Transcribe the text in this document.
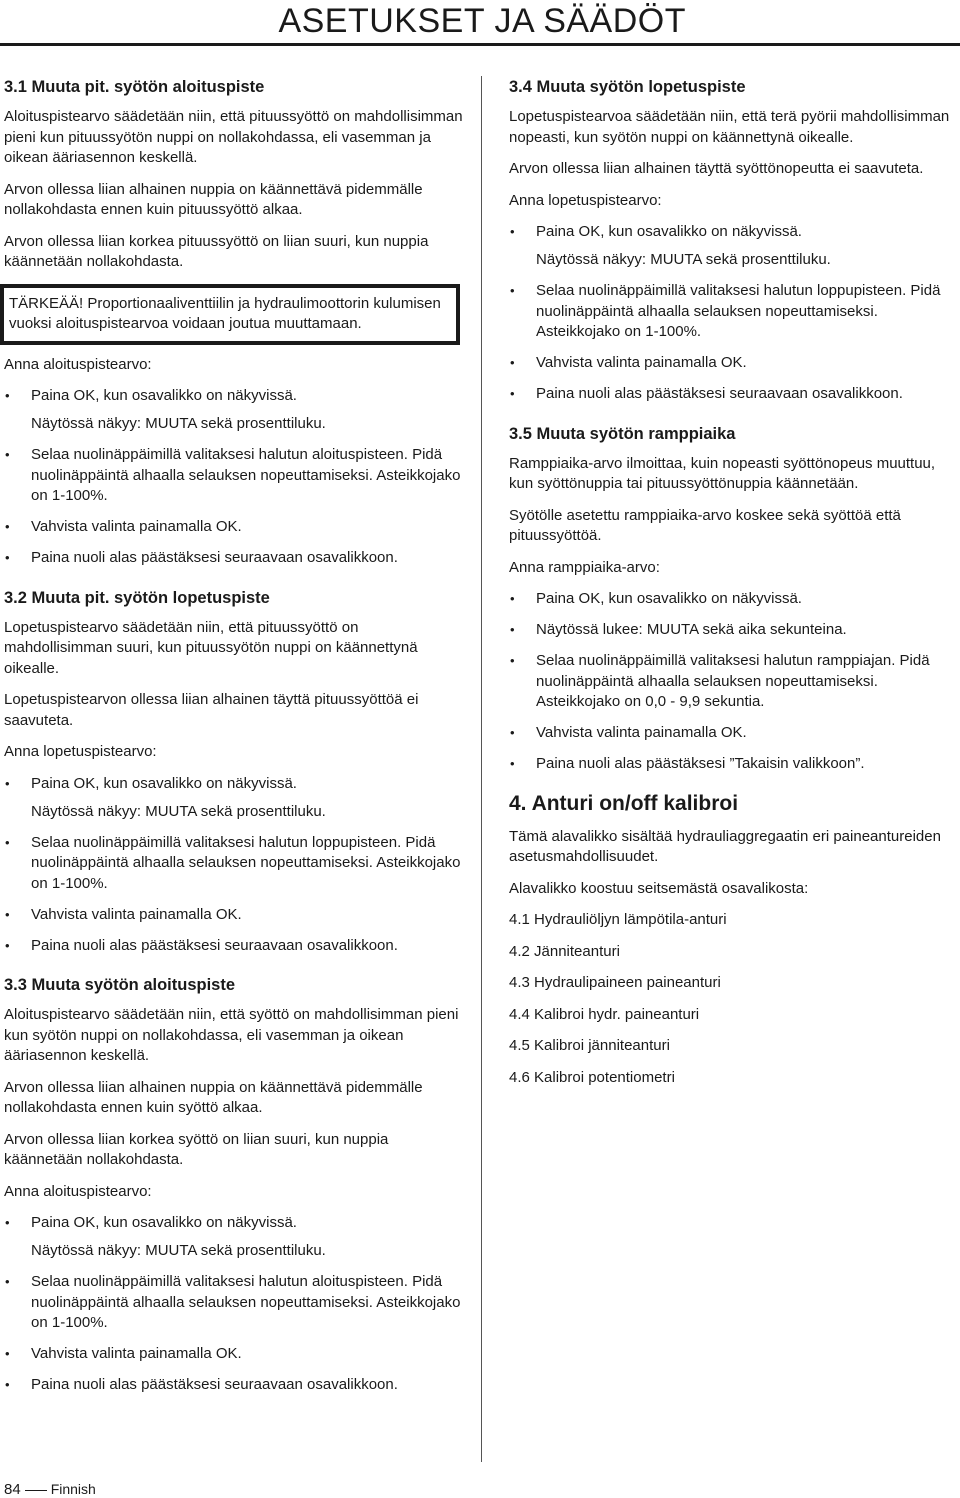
ASETUKSET JA SÄÄDÖT
3.1 Muuta pit. syötön aloituspiste

Aloituspistearvo säädetään niin, että pituussyöttö on mahdollisimman pieni kun pituussyötön nuppi on nollakohdassa, eli vasemman ja oikean ääriasennon keskellä.

Arvon ollessa liian alhainen nuppia on käännettävä pidemmälle nollakohdasta ennen kuin pituussyöttö alkaa.

Arvon ollessa liian korkea pituussyöttö on liian suuri, kun nuppia käännetään nollakohdasta.

TÄRKEÄÄ! Proportionaaliventtiilin ja hydraulimoottorin kulumisen vuoksi aloituspistearvoa voidaan joutua muuttamaan.

Anna aloituspistearvo:

• Paina OK, kun osavalikko on näkyvissä.

Näytössä näkyy: MUUTA sekä prosenttiluku.

• Selaa nuolinäppäimillä valitaksesi halutun aloituspisteen. Pidä nuolinäppäintä alhaalla selauksen nopeuttamiseksi. Asteikkojako on 1-100%.
• Vahvista valinta painamalla OK.
• Paina nuoli alas päästäksesi seuraavaan osavalikkoon.
3.2 Muuta pit. syötön lopetuspiste

Lopetuspistearvo säädetään niin, että pituussyöttö on mahdollisimman suuri, kun pituussyötön nuppi on käännettynä oikealle.

Lopetuspistearvon ollessa liian alhainen täyttä pituussyöttöä ei saavuteta.

Anna lopetuspistearvo:

• Paina OK, kun osavalikko on näkyvissä.

Näytössä näkyy: MUUTA sekä prosenttiluku.

• Selaa nuolinäppäimillä valitaksesi halutun loppupisteen. Pidä nuolinäppäintä alhaalla selauksen nopeuttamiseksi. Asteikkojako on 1-100%.
• Vahvista valinta painamalla OK.
• Paina nuoli alas päästäksesi seuraavaan osavalikkoon.
3.3 Muuta syötön aloituspiste

Aloituspistearvo säädetään niin, että syöttö on mahdollisimman pieni kun syötön nuppi on nollakohdassa, eli vasemman ja oikean ääriasennon keskellä.

Arvon ollessa liian alhainen nuppia on käännettävä pidemmälle nollakohdasta ennen kuin syöttö alkaa.

Arvon ollessa liian korkea syöttö on liian suuri, kun nuppia käännetään nollakohdasta.

Anna aloituspistearvo:

• Paina OK, kun osavalikko on näkyvissä.

Näytössä näkyy: MUUTA sekä prosenttiluku.

• Selaa nuolinäppäimillä valitaksesi halutun aloituspisteen. Pidä nuolinäppäintä alhaalla selauksen nopeuttamiseksi. Asteikkojako on 1-100%.
• Vahvista valinta painamalla OK.
• Paina nuoli alas päästäksesi seuraavaan osavalikkoon.
3.4 Muuta syötön lopetuspiste

Lopetuspistearvoa säädetään niin, että terä pyörii mahdollisimman nopeasti, kun syötön nuppi on käännettynä oikealle.

Arvon ollessa liian alhainen täyttä syöttönopeutta ei saavuteta.

Anna lopetuspistearvo:

• Paina OK, kun osavalikko on näkyvissä.

Näytössä näkyy: MUUTA sekä prosenttiluku.

• Selaa nuolinäppäimillä valitaksesi halutun loppupisteen. Pidä nuolinäppäintä alhaalla selauksen nopeuttamiseksi. Asteikkojako on 1-100%.
• Vahvista valinta painamalla OK.
• Paina nuoli alas päästäksesi seuraavaan osavalikkoon.
3.5 Muuta syötön ramppiaika

Ramppiaika-arvo ilmoittaa, kuin nopeasti syöttönopeus muuttuu, kun syöttönuppia tai pituussyöttönuppia käännetään.

Syötölle asetettu ramppiaika-arvo koskee sekä syöttöä että pituussyöttöä.

Anna ramppiaika-arvo:

• Paina OK, kun osavalikko on näkyvissä.
• Näytössä lukee: MUUTA sekä aika sekunteina.
• Selaa nuolinäppäimillä valitaksesi halutun ramppiajan. Pidä nuolinäppäintä alhaalla selauksen nopeuttamiseksi. Asteikkojako on 0,0 - 9,9 sekuntia.
• Vahvista valinta painamalla OK.
• Paina nuoli alas päästäksesi ”Takaisin valikkoon”.
4. Anturi on/off kalibroi

Tämä alavalikko sisältää hydrauliaggregaatin eri paineantureiden asetusmahdollisuudet.

Alavalikko koostuu seitsemästä osavalikosta:

4.1 Hydrauliöljyn lämpötila-anturi

4.2 Jänniteanturi

4.3 Hydraulipaineen paineanturi

4.4 Kalibroi hydr. paineanturi

4.5 Kalibroi jänniteanturi

4.6 Kalibroi potentiometri

84 Finnish
